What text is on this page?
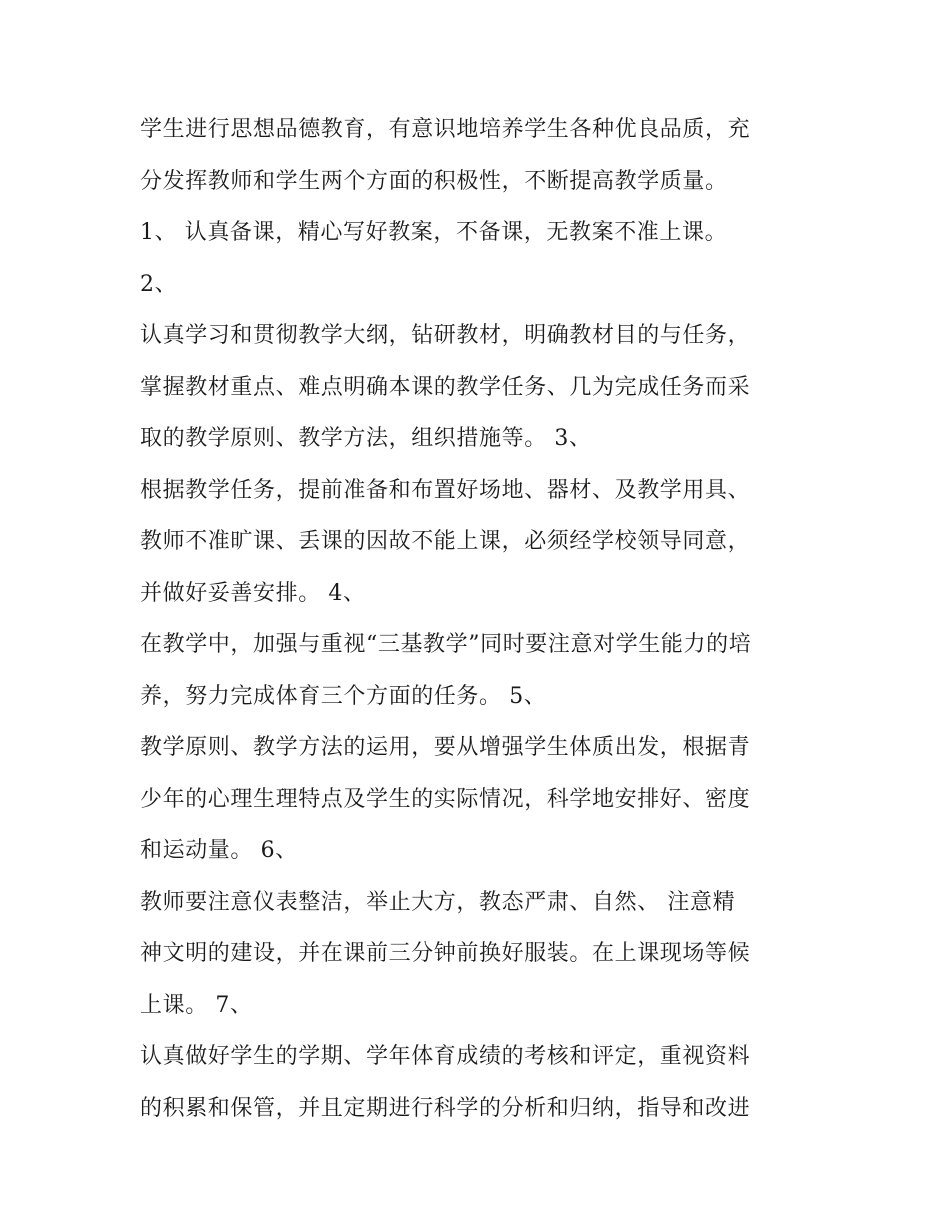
学生进行思想品德教育，有意识地培养学生各种优良品质，充
分发挥教师和学生两个方面的积极性，不断提高教学质量。
1、 认真备课，精心写好教案，不备课，无教案不准上课。
2、
认真学习和贯彻教学大纲，钻研教材，明确教材目的与任务，
掌握教材重点、难点明确本课的教学任务、几为完成任务而采
取的教学原则、教学方法，组织措施等。 3、
根据教学任务，提前准备和布置好场地、器材、及教学用具、
教师不准旷课、丢课的因故不能上课，必须经学校领导同意，
并做好妥善安排。 4、
在教学中，加强与重视“三基教学”同时要注意对学生能力的培
养，努力完成体育三个方面的任务。 5、
教学原则、教学方法的运用，要从增强学生体质出发，根据青
少年的心理生理特点及学生的实际情况，科学地安排好、密度
和运动量。 6、
教师要注意仪表整洁，举止大方，教态严肃、自然、 注意精
神文明的建设，并在课前三分钟前换好服装。在上课现场等候
上课。 7、
认真做好学生的学期、学年体育成绩的考核和评定，重视资料
的积累和保管，并且定期进行科学的分析和归纳，指导和改进
